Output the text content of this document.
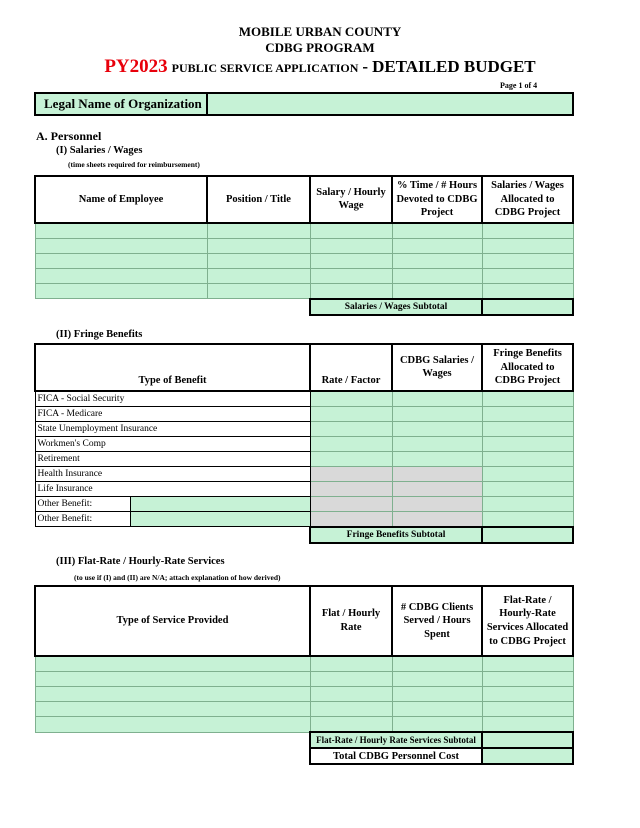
MOBILE URBAN COUNTY
CDBG PROGRAM
PY2023 PUBLIC SERVICE APPLICATION - DETAILED BUDGET
Page 1 of 4
Legal Name of Organization
A. Personnel
(I) Salaries / Wages
(time sheets required for reimbursement)
Name of Employee	Position / Title	Salary / Hourly Wage	% Time / # Hours Devoted to CDBG Project	Salaries / Wages Allocated to CDBG Project

		Salaries / Wages Subtotal		
(II) Fringe Benefits
Type of Benefit		Rate / Factor	CDBG Salaries / Wages	Fringe Benefits Allocated to CDBG Project
FICA - Social Security				
FICA - Medicare				
State Unemployment Insurance				
Workmen's Comp				
Retirement				
Health Insurance				
Life Insurance				
Other Benefit:				
Other Benefit:				
		Fringe Benefits Subtotal		
(III) Flat-Rate / Hourly-Rate Services
(to use if (I) and (II) are N/A; attach explanation of how derived)
Type of Service Provided	Flat / Hourly Rate	# CDBG Clients Served / Hours Spent	Flat-Rate / Hourly-Rate Services Allocated to CDBG Project

	Flat-Rate / Hourly Rate Services Subtotal		
	Total CDBG Personnel Cost		
